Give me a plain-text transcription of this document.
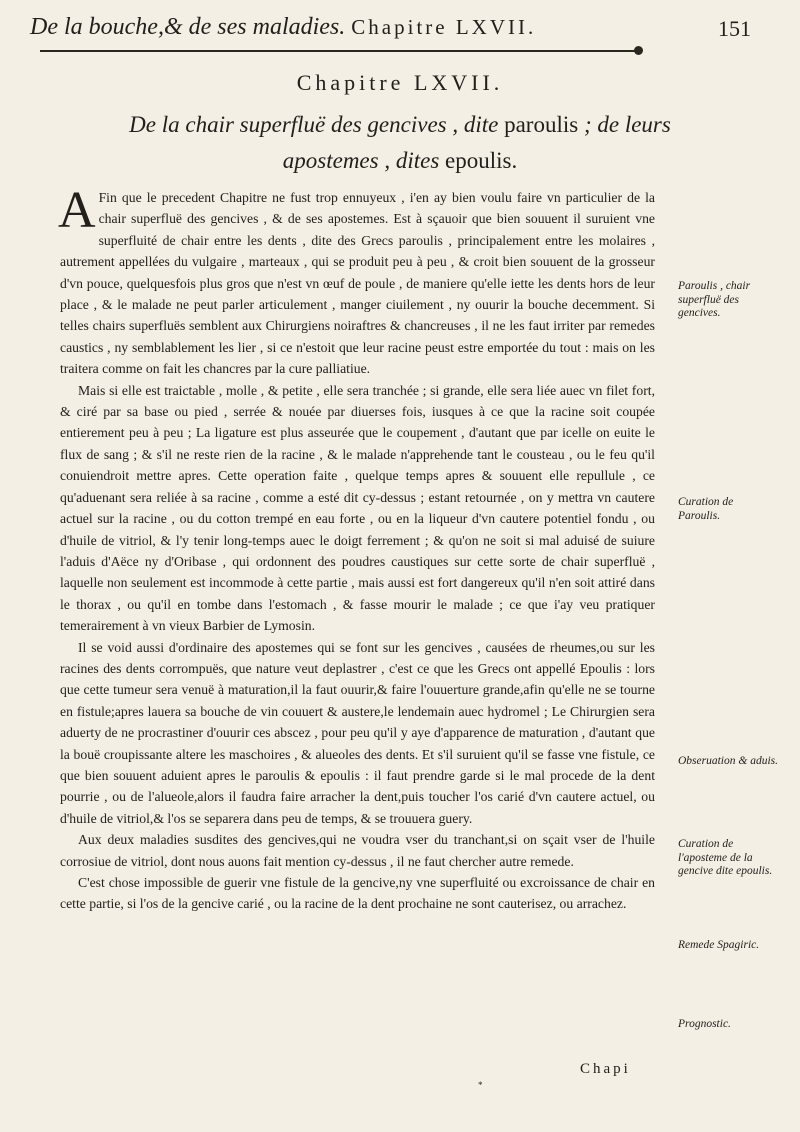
De la bouche,& de ses maladies. Chapitre LXVII.	151
Chapitre LXVII.
De la chair superfluë des gencives , dite paroulis ; de leurs
apostemes , dites epoulis.

A Fin que le precedent Chapitre ne fust trop ennuyeux , i'en ay bien voulu faire vn particulier de la chair superfluë des gencives , & de ses apostemes. Est à sçauoir que bien souuent il suruient vne superfluité de chair entre les dents , dite des Grecs paroulis , principalement entre les molaires , autrement appellées du vulgaire , marteaux , qui se produit peu à peu , & croit bien souuent de la grosseur d'vn pouce, quelquesfois plus gros que n'est vn œuf de poule , de maniere qu'elle iette les dents hors de leur place , & le malade ne peut parler articulement , manger ciuilement , ny ouurir la bouche decemment. Si telles chairs superfluës semblent aux Chirurgiens noiraftres & chancreuses , il ne les faut irriter par remedes caustics , ny semblablement les lier , si ce n'estoit que leur racine peust estre emportée du tout : mais on les traitera comme on fait les chancres par la cure palliatiue.

Mais si elle est traictable , molle , & petite , elle sera tranchée ; si grande, elle sera liée auec vn filet fort, & ciré par sa base ou pied , serrée & nouée par diuerses fois, iusques à ce que la racine soit coupée entierement peu à peu ; La ligature est plus asseurée que le coupement , d'autant que par icelle on euite le flux de sang ; & s'il ne reste rien de la racine , & le malade n'apprehende tant le cousteau , ou le feu qu'il conuiendroit mettre apres. Cette operation faite , quelque temps apres & souuent elle repullule , ce qu'aduenant sera reliée à sa racine , comme a esté dit cy-dessus ; estant retournée , on y mettra vn cautere actuel sur la racine , ou du cotton trempé en eau forte , ou en la liqueur d'vn cautere potentiel fondu , ou d'huile de vitriol, & l'y tenir long-temps auec le doigt ferrement ; & qu'on ne soit si mal aduisé de suiure l'aduis d'Aëce ny d'Oribase , qui ordonnent des poudres caustiques sur cette sorte de chair superfluë , laquelle non seulement est incommode à cette partie , mais aussi est fort dangereux qu'il n'en soit attiré dans le thorax , ou qu'il en tombe dans l'estomach , & fasse mourir le malade ; ce que i'ay veu pratiquer temerairement à vn vieux Barbier de Lymosin.

Il se void aussi d'ordinaire des apostemes qui se font sur les gencives , causées de rheumes,ou sur les racines des dents corrompuës, que nature veut deplastrer , c'est ce que les Grecs ont appellé Epoulis : lors que cette tumeur sera venuë à maturation,il la faut ouurir,& faire l'ouuerture grande,afin qu'elle ne se tourne en fistule;apres lauera sa bouche de vin couuert & austere,le lendemain auec hydromel ; Le Chirurgien sera aduerty de ne procrastiner d'ouurir ces abscez , pour peu qu'il y aye d'apparence de maturation , d'autant que la bouë croupissante altere les maschoires , & alueoles des dents. Et s'il suruient qu'il se fasse vne fistule, ce que bien souuent aduient apres le paroulis & epoulis : il faut prendre garde si le mal procede de la dent pourrie , ou de l'alueole,alors il faudra faire arracher la dent,puis toucher l'os carié d'vn cautere actuel, ou d'huile de vitriol,& l'os se separera dans peu de temps, & se trouuera guery.

Aux deux maladies susdites des gencives,qui ne voudra vser du tranchant,si on sçait vser de l'huile corrosiue de vitriol, dont nous auons fait mention cy-dessus , il ne faut chercher autre remede.

C'est chose impossible de guerir vne fistule de la gencive,ny vne superfluité ou excroissance de chair en cette partie, si l'os de la gencive carié , ou la racine de la dent prochaine ne sont cauterisez, ou arrachez.

Chapi
*
Paroulis , chair superfluë des gencives.
Curation de Paroulis.
Obseruation & aduis.
Curation de l'aposteme de la gencive dite epoulis.
Remede Spagiric.
Prognostic.
